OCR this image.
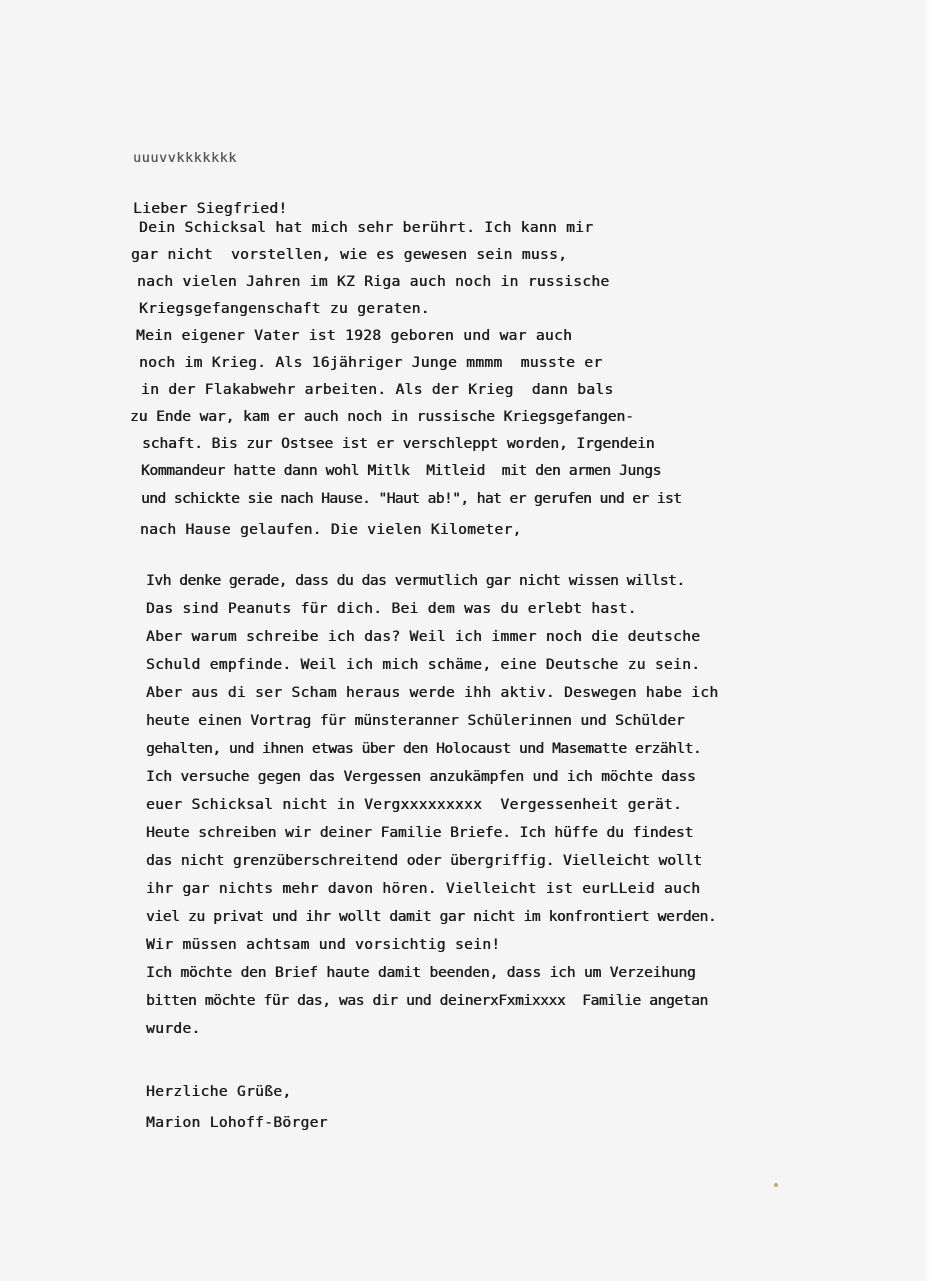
uuuvvkkkkkkk
Lieber Siegfried!
Dein Schicksal hat mich sehr berührt. Ich kann mir
gar nicht  vorstellen, wie es gewesen sein muss,
nach vielen Jahren im KZ Riga auch noch in russische
Kriegsgefangenschaft zu geraten.
Mein eigener Vater ist 1928 geboren und war auch
noch im Krieg. Als 16jähriger Junge mmmm  musste er
in der Flakabwehr arbeiten. Als der Krieg  dann bals
zu Ende war, kam er auch noch in russische Kriegsgefangen-
schaft. Bis zur Ostsee ist er verschleppt worden, Irgendein
Kommandeur hatte dann wohl Mitlk  Mitleid  mit den armen Jungs
und schickte sie nach Hause. "Haut ab!", hat er gerufen und er ist
nach Hause gelaufen. Die vielen Kilometer,
Ivh denke gerade, dass du das vermutlich gar nicht wissen willst.
Das sind Peanuts für dich. Bei dem was du erlebt hast.
Aber warum schreibe ich das? Weil ich immer noch die deutsche
Schuld empfinde. Weil ich mich schäme, eine Deutsche zu sein.
Aber aus di ser Scham heraus werde ihh aktiv. Deswegen habe ich
heute einen Vortrag für münsteranner Schülerinnen und Schülder
gehalten, und ihnen etwas über den Holocaust und Masematte erzählt.
Ich versuche gegen das Vergessen anzukämpfen und ich möchte dass
euer Schicksal nicht in Vergxxxxxxxxx  Vergessenheit gerät.
Heute schreiben wir deiner Familie Briefe. Ich hüffe du findest
das nicht grenzüberschreitend oder übergriffig. Vielleicht wollt
ihr gar nichts mehr davon hören. Vielleicht ist eurLLeid auch
viel zu privat und ihr wollt damit gar nicht im konfrontiert werden.
Wir müssen achtsam und vorsichtig sein!
Ich möchte den Brief haute damit beenden, dass ich um Verzeihung
bitten möchte für das, was dir und deinerxFxmixxxx  Familie angetan
wurde.
Herzliche Grüße,
Marion Lohoff-Börger
